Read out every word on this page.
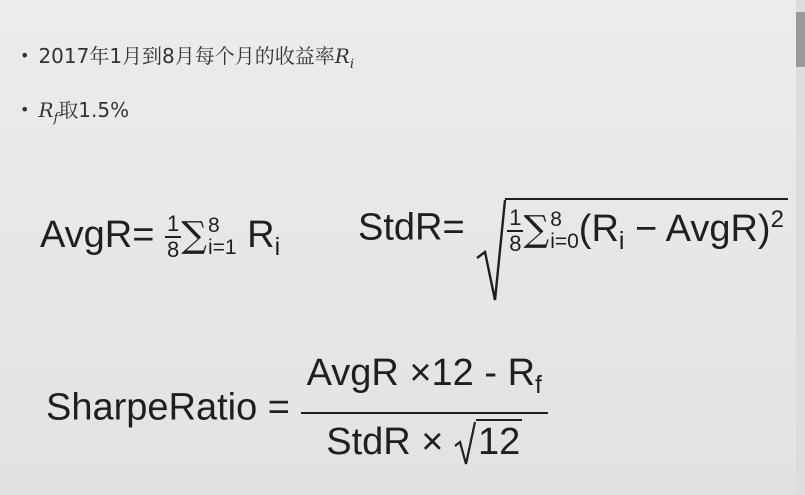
• 2017年1月到8月每个月的收益率$R_i$
• $R_f$取1.5%
AvgR= $\frac{1}{8}$ ∑ 8
i=1 $R_i$ StdR= $\frac{1}{8}$ ∑ 8
i=0 ($R_i$ − AvgR)$^2$
SharpeRatio = AvgR $\times 12 - R_f$
StdR ×
12
